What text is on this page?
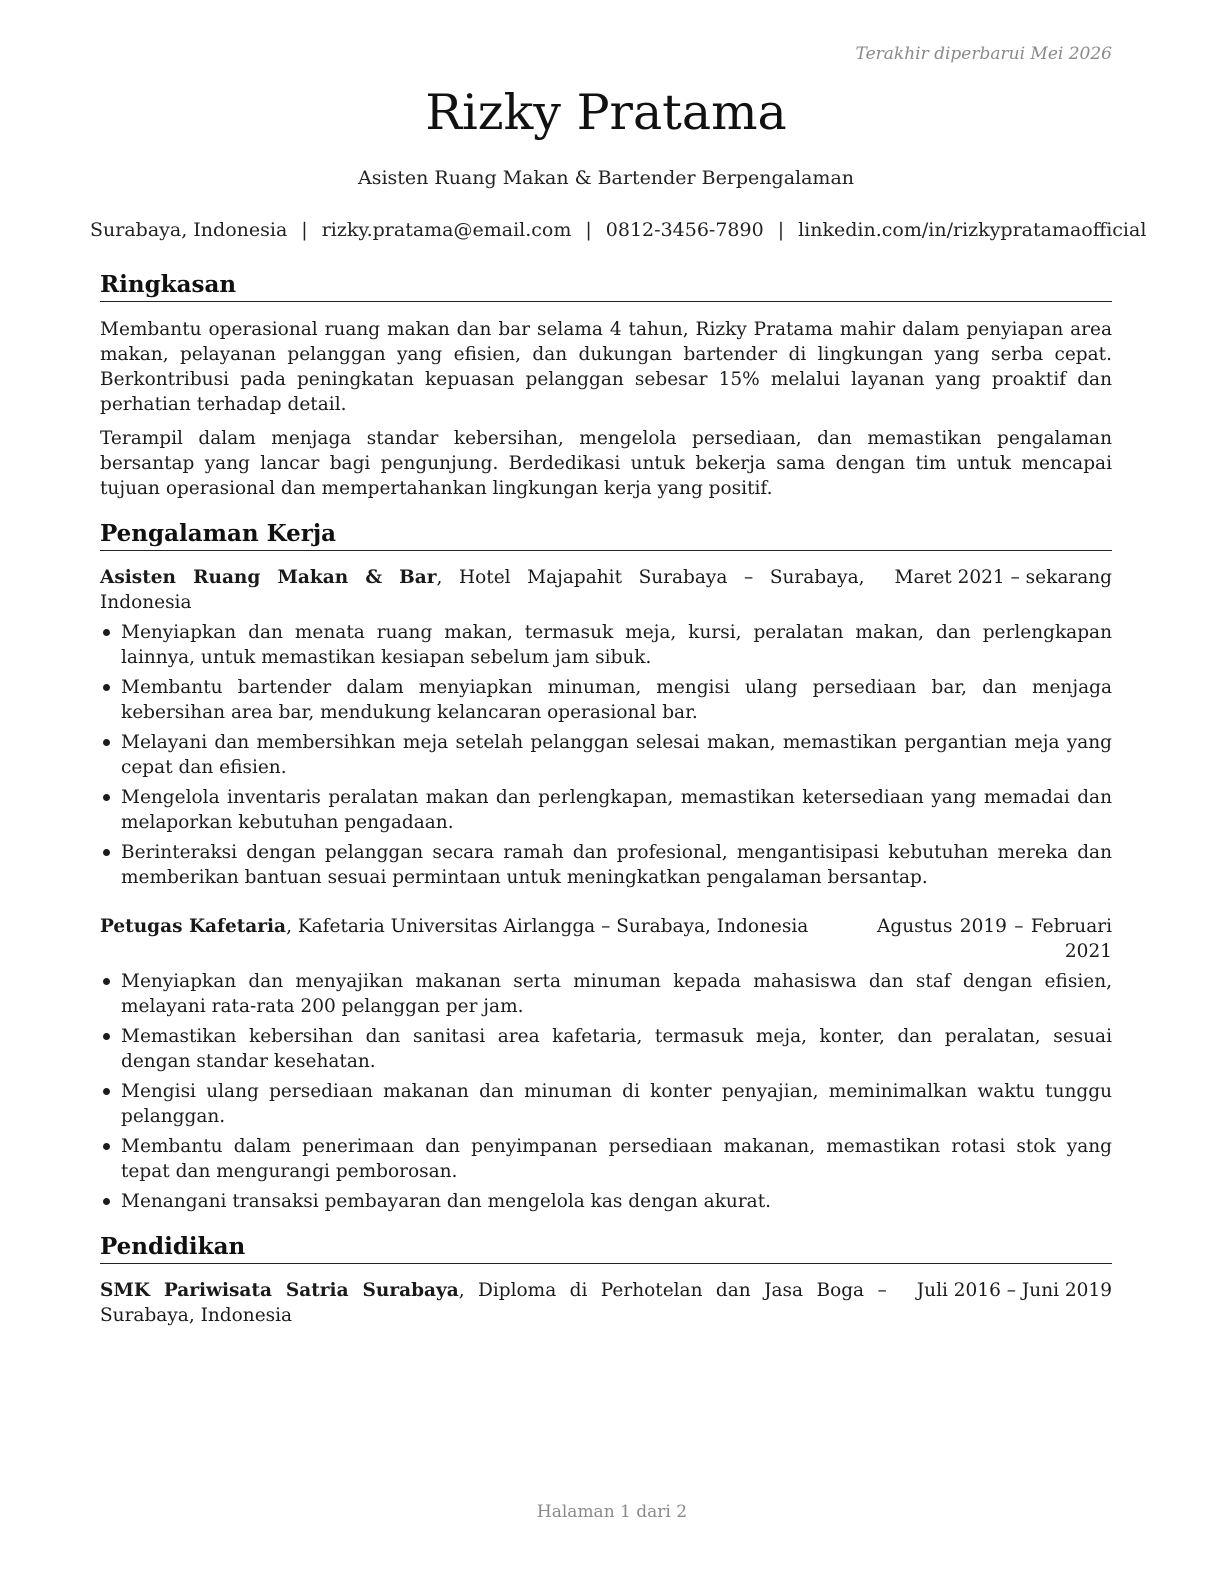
Terakhir diperbarui Mei 2026
Rizky Pratama
Asisten Ruang Makan & Bartender Berpengalaman
Surabaya, Indonesia | rizky.pratama@email.com | 0812-3456-7890 | linkedin.com/in/rizkypratamaofficial
Ringkasan

Membantu operasional ruang makan dan bar selama 4 tahun, Rizky Pratama mahir dalam penyiapan area makan, pelayanan pelanggan yang efisien, dan dukungan bartender di lingkungan yang serba cepat. Berkontribusi pada peningkatan kepuasan pelanggan sebesar 15% melalui layanan yang proaktif dan perhatian terhadap detail.

Terampil dalam menjaga standar kebersihan, mengelola persediaan, dan memastikan pengalaman bersantap yang lancar bagi pengunjung. Berdedikasi untuk bekerja sama dengan tim untuk mencapai tujuan operasional dan mempertahankan lingkungan kerja yang positif.

Pengalaman Kerja
Asisten Ruang Makan & Bar, Hotel Majapahit Surabaya – Surabaya, Indonesia
Maret 2021 – sekarang
Menyiapkan dan menata ruang makan, termasuk meja, kursi, peralatan makan, dan perlengkapan lainnya, untuk memastikan kesiapan sebelum jam sibuk.
Membantu bartender dalam menyiapkan minuman, mengisi ulang persediaan bar, dan menjaga kebersihan area bar, mendukung kelancaran operasional bar.
Melayani dan membersihkan meja setelah pelanggan selesai makan, memastikan pergantian meja yang cepat dan efisien.
Mengelola inventaris peralatan makan dan perlengkapan, memastikan ketersediaan yang memadai dan melaporkan kebutuhan pengadaan.
Berinteraksi dengan pelanggan secara ramah dan profesional, mengantisipasi kebutuhan mereka dan memberikan bantuan sesuai permintaan untuk meningkatkan pengalaman bersantap.
Petugas Kafetaria, Kafetaria Universitas Airlangga – Surabaya, Indonesia	Agustus 2019 – Februari 2021
Menyiapkan dan menyajikan makanan serta minuman kepada mahasiswa dan staf dengan efisien, melayani rata-rata 200 pelanggan per jam.
Memastikan kebersihan dan sanitasi area kafetaria, termasuk meja, konter, dan peralatan, sesuai dengan standar kesehatan.
Mengisi ulang persediaan makanan dan minuman di konter penyajian, meminimalkan waktu tunggu pelanggan.
Membantu dalam penerimaan dan penyimpanan persediaan makanan, memastikan rotasi stok yang tepat dan mengurangi pemborosan.
Menangani transaksi pembayaran dan mengelola kas dengan akurat.
Pendidikan
SMK Pariwisata Satria Surabaya, Diploma di Perhotelan dan Jasa Boga – Surabaya, Indonesia
Juli 2016 – Juni 2019
Halaman 1 dari 2
